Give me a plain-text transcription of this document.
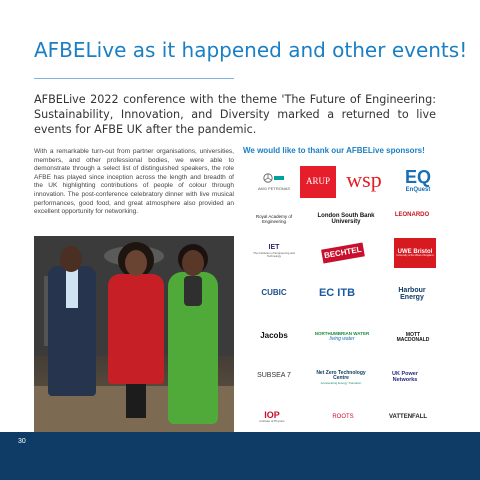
AFBELive as it happened and other events!
AFBELive 2022 conference with the theme 'The Future of Engineering: Sustainability, Innovation, and Diversity marked a returned to live events for AFBE UK after the pandemic.
With a remarkable turn-out from partner organisations, universities, members, and other professional bodies, we were able to demonstrate through a select list of distinguished speakers, the role AFBE has played since inception across the length and breadth of the UK highlighting contributions of people of colour through innovation. The post-conference celebratory dinner with live musical performances, good food, and great atmosphere also provided an excellent opportunity for networking.
We would like to thank our AFBELive sponsors!
AMG PETRONAS
ARUP wsp EQ
EnQuest
Royal Academy of Engineering
London South Bank University
LEONARDO
IET
The Institution of Engineering and Technology	BECHTEL	UWE Bristol
University of the West of England
CUBIC	EC ITB	Harbour Energy
Jacobs	NORTHUMBRIAN WATER
living water
MOTT MACDONALD
SUBSEA 7	Net Zero Technology Centre
Accelerating Energy Transition
UK Power Networks
IOP
Institute of Physics
ROOTS	VATTENFALL
30
